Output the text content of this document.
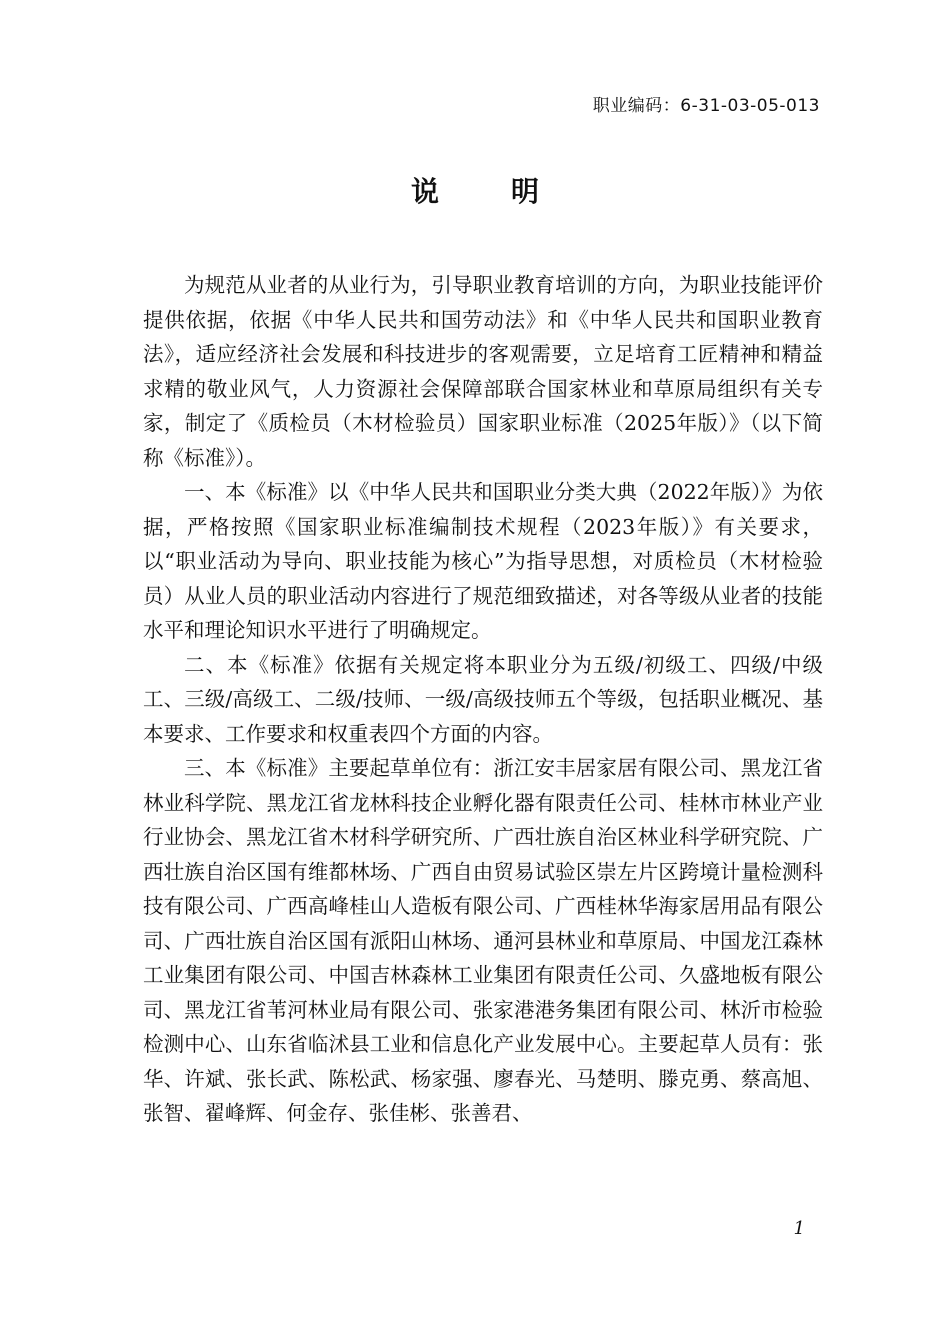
职业编码：6-31-03-05-013
说	明

为规范从业者的从业行为，引导职业教育培训的方向，为职业技能评价提供依据，依据《中华人民共和国劳动法》和《中华人民共和国职业教育法》，适应经济社会发展和科技进步的客观需要，立足培育工匠精神和精益求精的敬业风气，人力资源社会保障部联合国家林业和草原局组织有关专家，制定了《质检员（木材检验员）国家职业标准（2025年版）》（以下简称《标准》）。

一、本《标准》以《中华人民共和国职业分类大典（2022年版）》为依据，严格按照《国家职业标准编制技术规程（2023年版）》有关要求，以“职业活动为导向、职业技能为核心”为指导思想，对质检员（木材检验员）从业人员的职业活动内容进行了规范细致描述，对各等级从业者的技能水平和理论知识水平进行了明确规定。

二、本《标准》依据有关规定将本职业分为五级/初级工、四级/中级工、三级/高级工、二级/技师、一级/高级技师五个等级，包括职业概况、基本要求、工作要求和权重表四个方面的内容。

三、本《标准》主要起草单位有：浙江安丰居家居有限公司、黑龙江省林业科学院、黑龙江省龙林科技企业孵化器有限责任公司、桂林市林业产业行业协会、黑龙江省木材科学研究所、广西壮族自治区林业科学研究院、广西壮族自治区国有维都林场、广西自由贸易试验区崇左片区跨境计量检测科技有限公司、广西高峰桂山人造板有限公司、广西桂林华海家居用品有限公司、广西壮族自治区国有派阳山林场、通河县林业和草原局、中国龙江森林工业集团有限公司、中国吉林森林工业集团有限责任公司、久盛地板有限公司、黑龙江省苇河林业局有限公司、张家港港务集团有限公司、林沂市检验检测中心、山东省临沭县工业和信息化产业发展中心。主要起草人员有：张华、许斌、张长武、陈松武、杨家强、廖春光、马楚明、滕克勇、蔡高旭、张智、翟峰辉、何金存、张佳彬、张善君、

1
